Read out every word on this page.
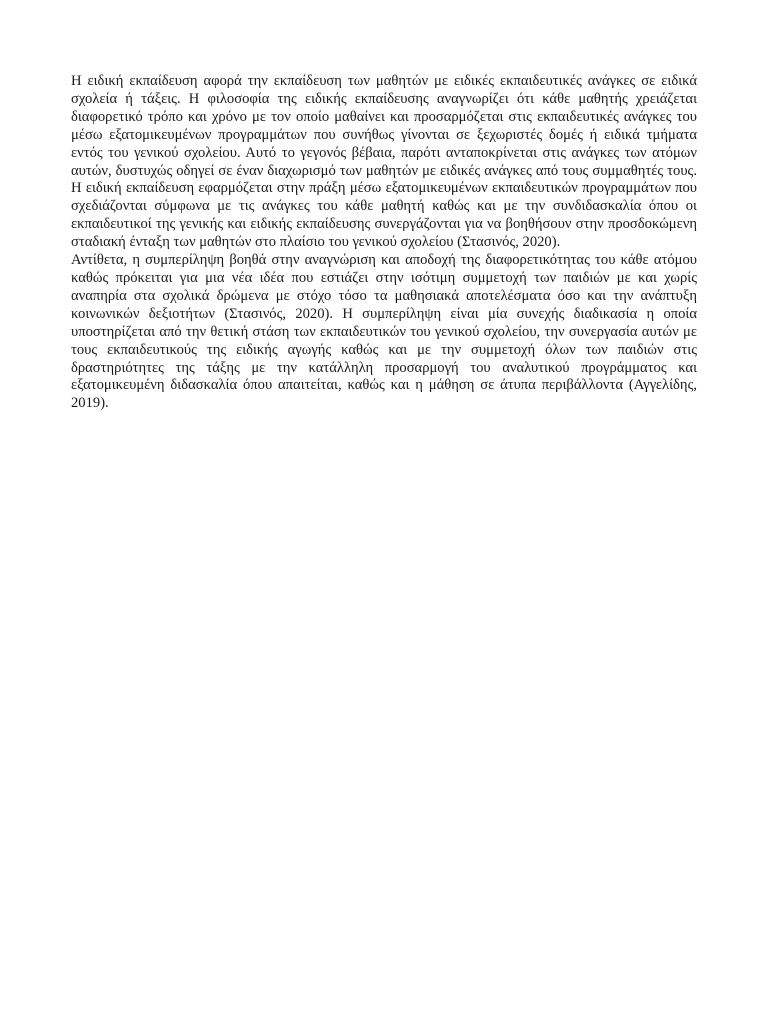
Η ειδική εκπαίδευση αφορά την εκπαίδευση των μαθητών με ειδικές εκπαιδευτικές ανάγκες σε ειδικά σχολεία ή τάξεις. Η φιλοσοφία της ειδικής εκπαίδευσης αναγνωρίζει ότι κάθε μαθητής χρειάζεται διαφορετικό τρόπο και χρόνο με τον οποίο μαθαίνει και προσαρμόζεται στις εκπαιδευτικές ανάγκες του μέσω εξατομικευμένων προγραμμάτων που συνήθως γίνονται σε ξεχωριστές δομές ή ειδικά τμήματα εντός του γενικού σχολείου. Αυτό το γεγονός βέβαια, παρότι ανταποκρίνεται στις ανάγκες των ατόμων αυτών, δυστυχώς οδηγεί σε έναν διαχωρισμό των μαθητών με ειδικές ανάγκες από τους συμμαθητές τους. Η ειδική εκπαίδευση εφαρμόζεται στην πράξη μέσω εξατομικευμένων εκπαιδευτικών προγραμμάτων που σχεδιάζονται σύμφωνα με τις ανάγκες του κάθε μαθητή καθώς και με την συνδιδασκαλία όπου οι εκπαιδευτικοί της γενικής και ειδικής εκπαίδευσης συνεργάζονται για να βοηθήσουν στην προσδοκώμενη σταδιακή ένταξη των μαθητών στο πλαίσιο του γενικού σχολείου (Στασινός, 2020).

Αντίθετα, η συμπερίληψη βοηθά στην αναγνώριση και αποδοχή της διαφορετικότητας του κάθε ατόμου καθώς πρόκειται για μια νέα ιδέα που εστιάζει στην ισότιμη συμμετοχή των παιδιών με και χωρίς αναπηρία στα σχολικά δρώμενα με στόχο τόσο τα μαθησιακά αποτελέσματα όσο και την ανάπτυξη κοινωνικών δεξιοτήτων (Στασινός, 2020). Η συμπερίληψη είναι μία συνεχής διαδικασία η οποία υποστηρίζεται από την θετική στάση των εκπαιδευτικών του γενικού σχολείου, την συνεργασία αυτών με τους εκπαιδευτικούς της ειδικής αγωγής καθώς και με την συμμετοχή όλων των παιδιών στις δραστηριότητες της τάξης με την κατάλληλη προσαρμογή του αναλυτικού προγράμματος και εξατομικευμένη διδασκαλία όπου απαιτείται, καθώς και η μάθηση σε άτυπα περιβάλλοντα (Αγγελίδης, 2019).
